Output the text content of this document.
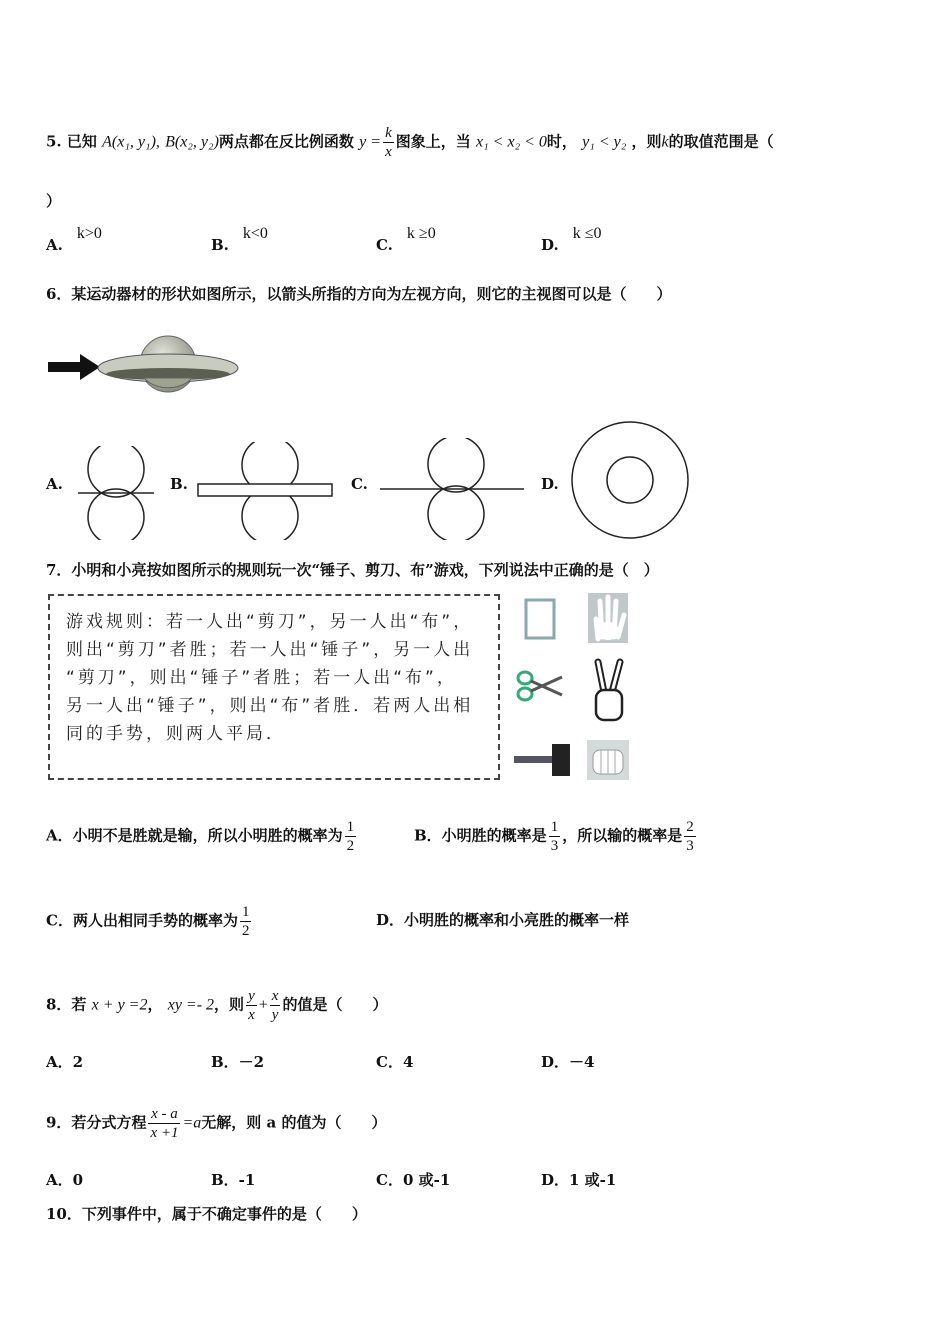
5. 已知 A(x₁, y₁), B(x₂, y₂)两点都在反比例函数 $y = \frac{k}{x}$ 图象上，当 x₁ < x₂ < 0时， y₁ < y₂ ，则k的取值范围是（
）
A.k>0
B.k<0
C.k ≥0
D.k ≤0
6．某运动器材的形状如图所示，以箭头所指的方向为左视方向，则它的主视图可以是（　　）
A.	B.	C.	D.
7．小明和小亮按如图所示的规则玩一次“锤子、剪刀、布”游戏，下列说法中正确的是（　）
游戏规则：若一人出“剪刀”，另一人出“布”，
则出“剪刀”者胜；若一人出“锤子”，另一人出
“剪刀”，则出“锤子”者胜；若一人出“布”，
另一人出“锤子”，则出“布”者胜．若两人出相
同的手势，则两人平局．
A．小明不是胜就是输，所以小明胜的概率为 $\frac{1}{2}$	B．小明胜的概率是 $\frac{1}{3}$ ，所以输的概率是 $\frac{2}{3}$
C．两人出相同手势的概率为 $\frac{1}{2}$	D．小明胜的概率和小亮胜的概率一样
8．若 x + y =2， xy =- 2，则 $\frac{y}{x} + \frac{x}{y}$ 的值是（　　）
A．2	B．－2	C．4	D．－4
9．若分式方程 $\frac{x - a}{x +1} =a$无解，则 a 的值为（　　）
A．0	B．-1	C．0 或-1	D．1 或-1
10．下列事件中，属于不确定事件的是（　　）
